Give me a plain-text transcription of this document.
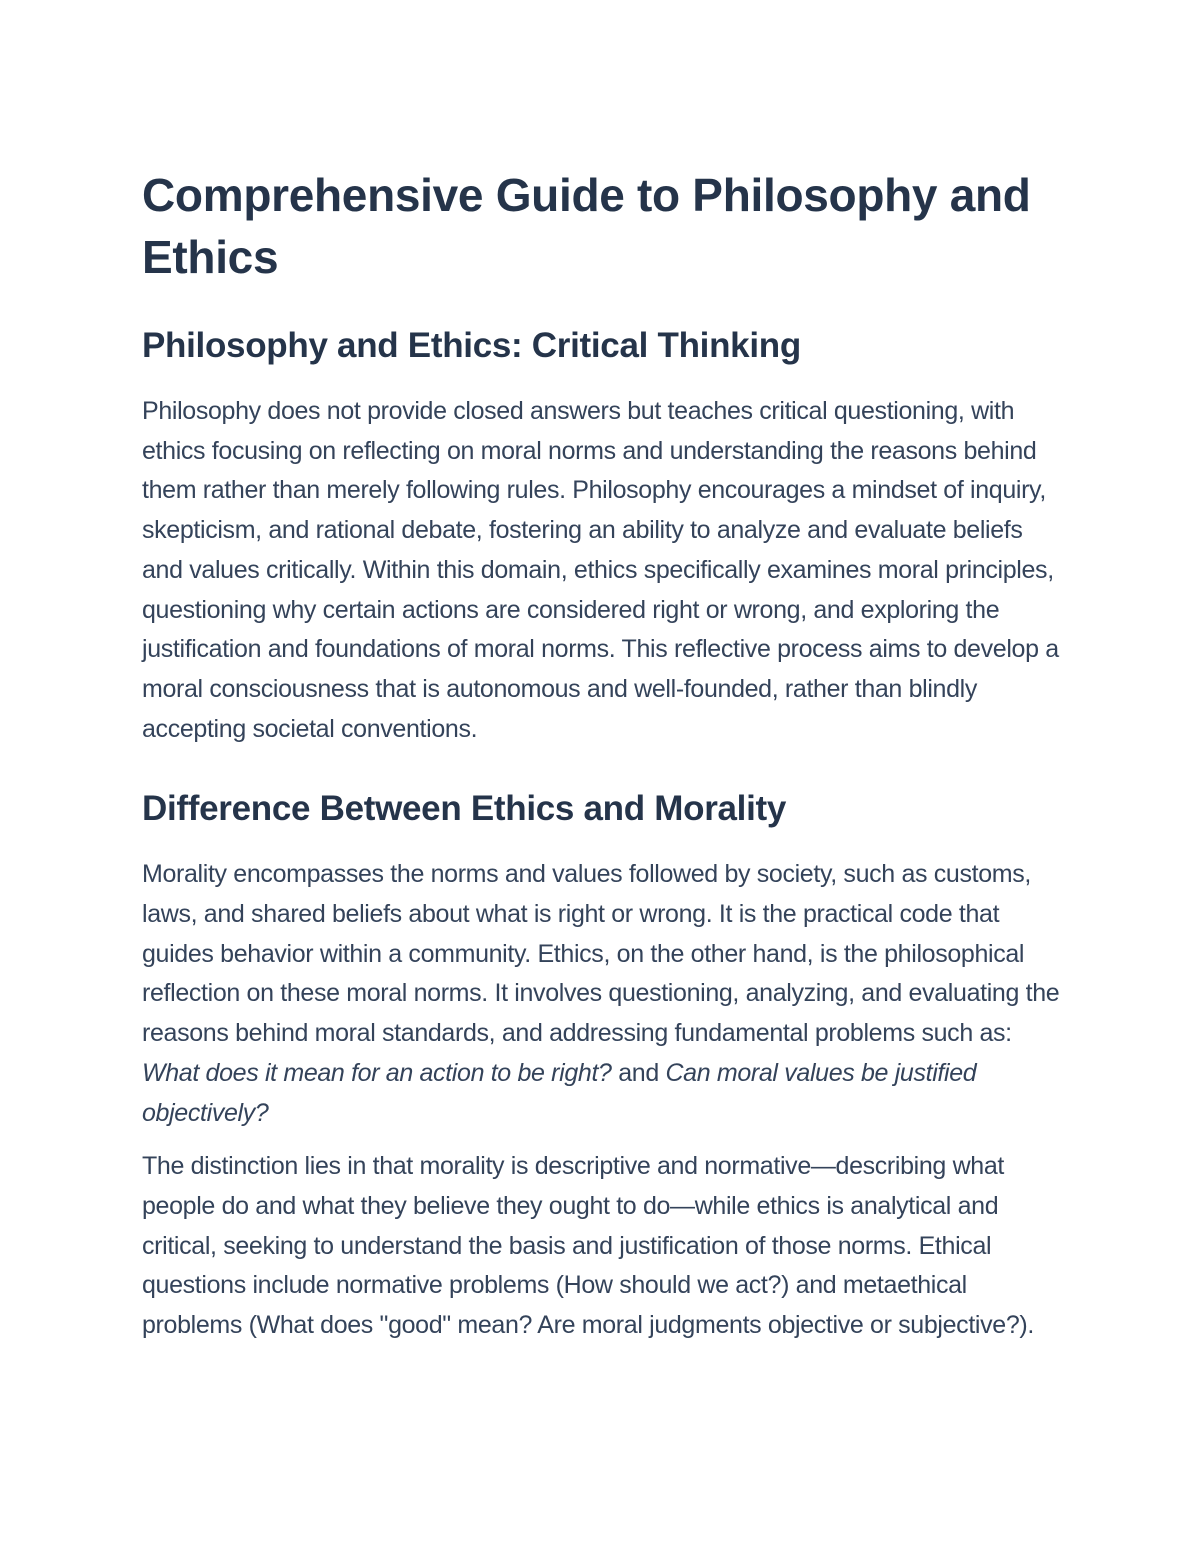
Comprehensive Guide to Philosophy and Ethics
Philosophy and Ethics: Critical Thinking

Philosophy does not provide closed answers but teaches critical questioning, with ethics focusing on reflecting on moral norms and understanding the reasons behind them rather than merely following rules. Philosophy encourages a mindset of inquiry, skepticism, and rational debate, fostering an ability to analyze and evaluate beliefs and values critically. Within this domain, ethics specifically examines moral principles, questioning why certain actions are considered right or wrong, and exploring the justification and foundations of moral norms. This reflective process aims to develop a moral consciousness that is autonomous and well-founded, rather than blindly accepting societal conventions.

Difference Between Ethics and Morality

Morality encompasses the norms and values followed by society, such as customs, laws, and shared beliefs about what is right or wrong. It is the practical code that guides behavior within a community. Ethics, on the other hand, is the philosophical reflection on these moral norms. It involves questioning, analyzing, and evaluating the reasons behind moral standards, and addressing fundamental problems such as: What does it mean for an action to be right? and Can moral values be justified objectively?

The distinction lies in that morality is descriptive and normative—describing what people do and what they believe they ought to do—while ethics is analytical and critical, seeking to understand the basis and justification of those norms. Ethical questions include normative problems (How should we act?) and metaethical problems (What does "good" mean? Are moral judgments objective or subjective?).
